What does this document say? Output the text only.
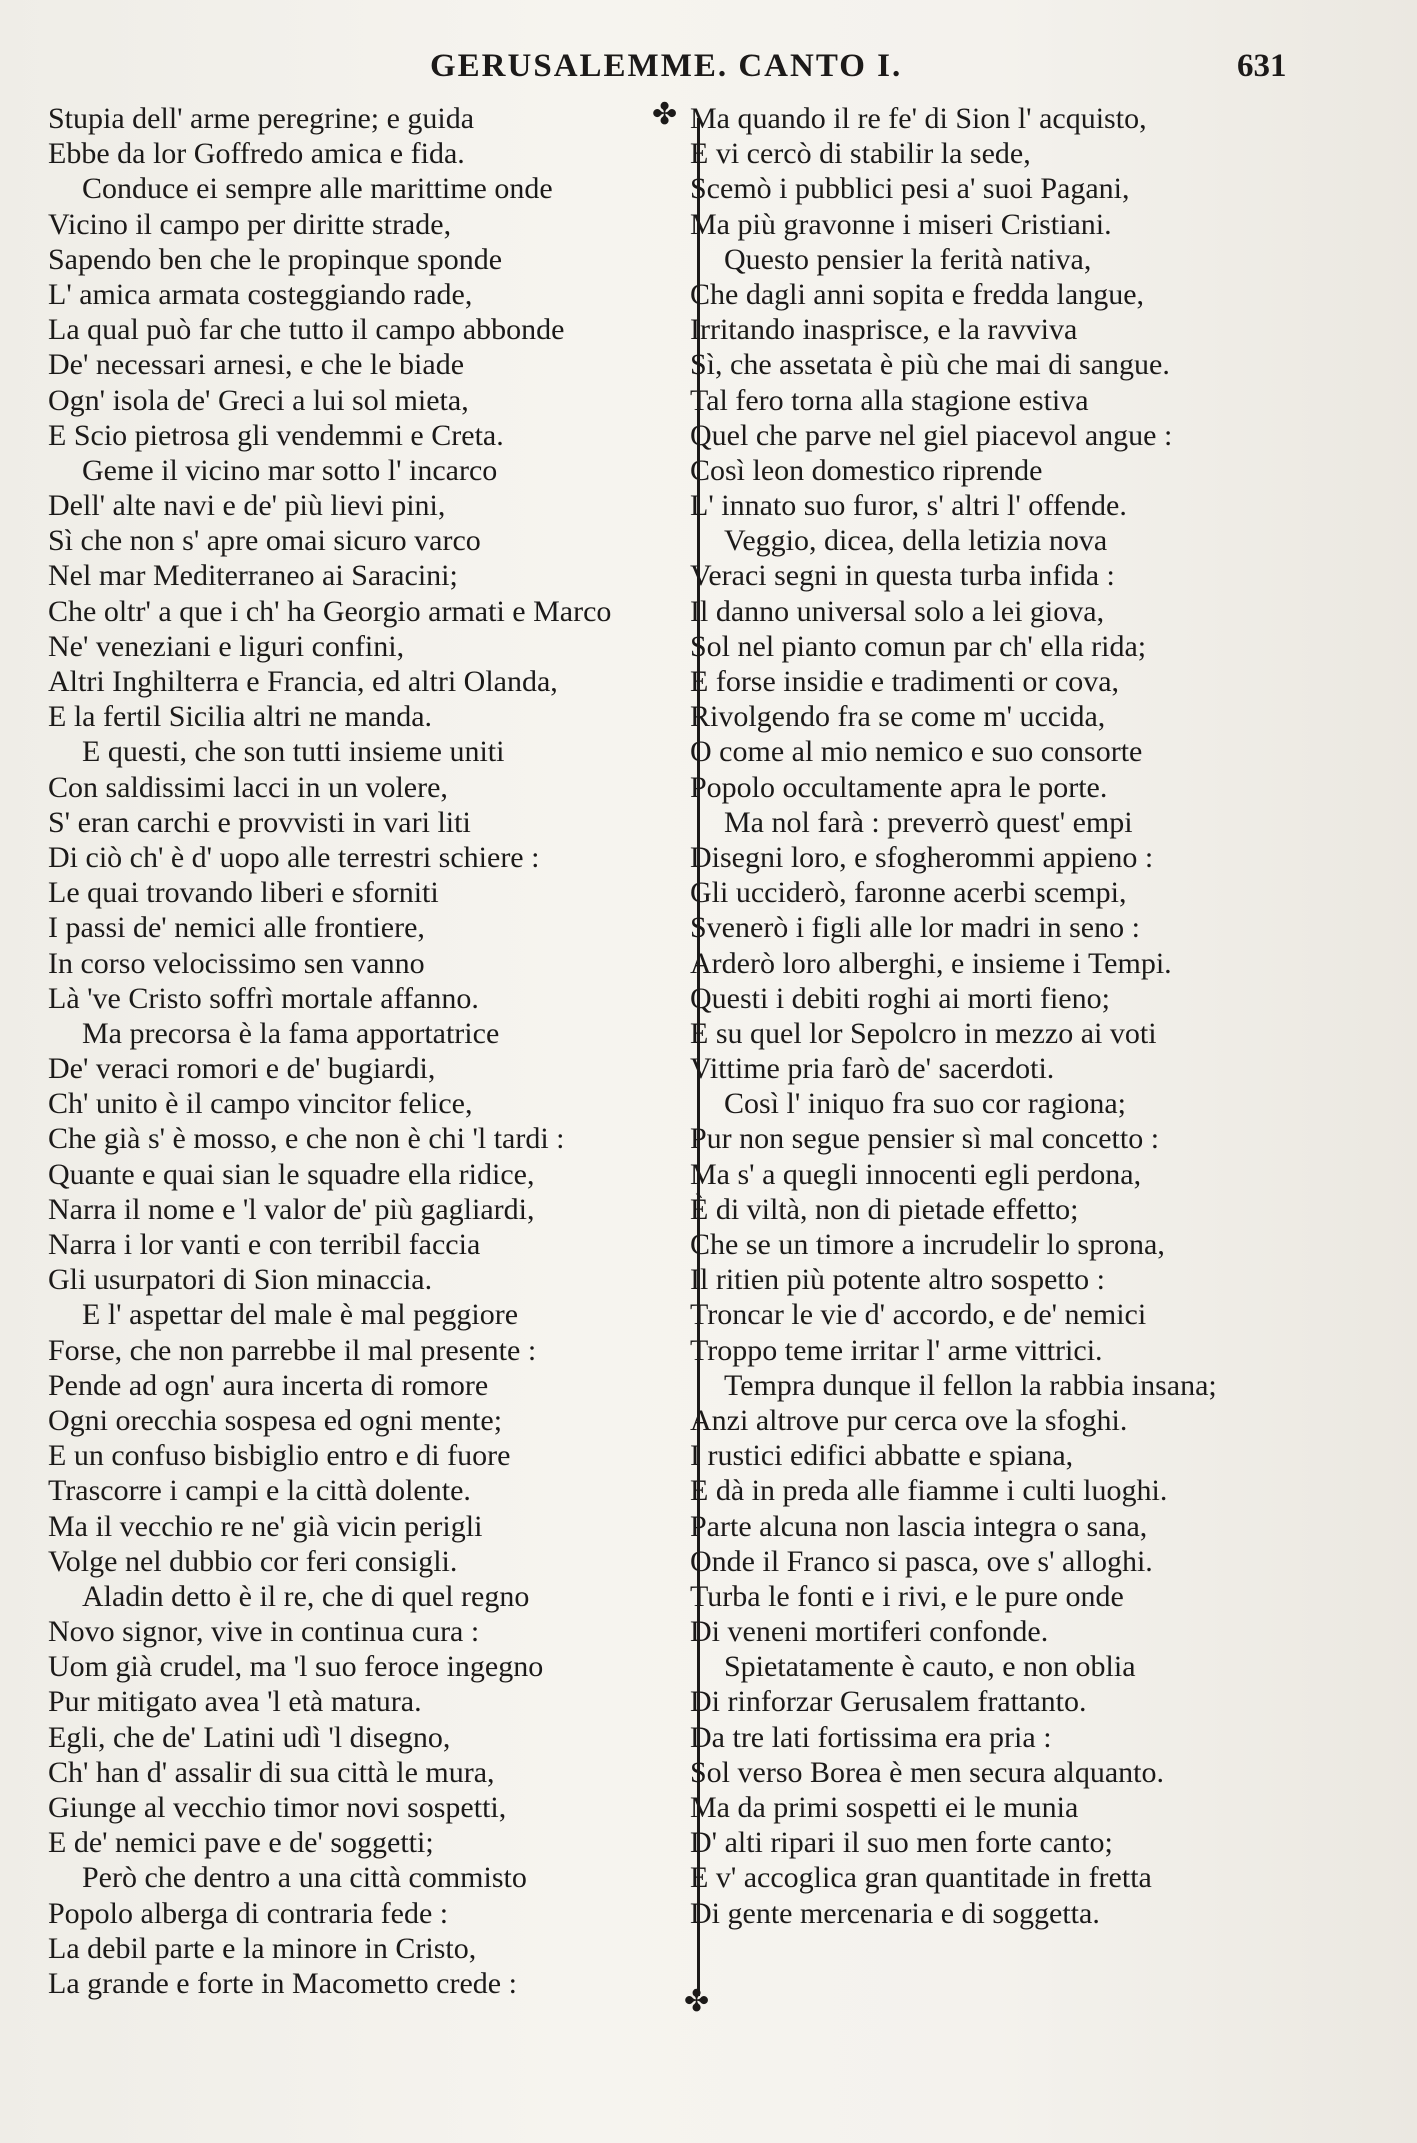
GERUSALEMME. CANTO I.	631
✤
✤
Stupia dell' arme peregrine; e guida
Ebbe da lor Goffredo amica e fida.
Conduce ei sempre alle marittime onde
Vicino il campo per diritte strade,
Sapendo ben che le propinque sponde
L' amica armata costeggiando rade,
La qual può far che tutto il campo abbonde
De' necessari arnesi, e che le biade
Ogn' isola de' Greci a lui sol mieta,
E Scio pietrosa gli vendemmi e Creta.
Geme il vicino mar sotto l' incarco
Dell' alte navi e de' più lievi pini,
Sì che non s' apre omai sicuro varco
Nel mar Mediterraneo ai Saracini;
Che oltr' a que i ch' ha Georgio armati e Marco
Ne' veneziani e liguri confini,
Altri Inghilterra e Francia, ed altri Olanda,
E la fertil Sicilia altri ne manda.
E questi, che son tutti insieme uniti
Con saldissimi lacci in un volere,
S' eran carchi e provvisti in vari liti
Di ciò ch' è d' uopo alle terrestri schiere :
Le quai trovando liberi e sforniti
I passi de' nemici alle frontiere,
In corso velocissimo sen vanno
Là 've Cristo soffrì mortale affanno.
Ma precorsa è la fama apportatrice
De' veraci romori e de' bugiardi,
Ch' unito è il campo vincitor felice,
Che già s' è mosso, e che non è chi 'l tardi :
Quante e quai sian le squadre ella ridice,
Narra il nome e 'l valor de' più gagliardi,
Narra i lor vanti e con terribil faccia
Gli usurpatori di Sion minaccia.
E l' aspettar del male è mal peggiore
Forse, che non parrebbe il mal presente :
Pende ad ogn' aura incerta di romore
Ogni orecchia sospesa ed ogni mente;
E un confuso bisbiglio entro e di fuore
Trascorre i campi e la città dolente.
Ma il vecchio re ne' già vicin perigli
Volge nel dubbio cor feri consigli.
Aladin detto è il re, che di quel regno
Novo signor, vive in continua cura :
Uom già crudel, ma 'l suo feroce ingegno
Pur mitigato avea 'l età matura.
Egli, che de' Latini udì 'l disegno,
Ch' han d' assalir di sua città le mura,
Giunge al vecchio timor novi sospetti,
E de' nemici pave e de' soggetti;
Però che dentro a una città commisto
Popolo alberga di contraria fede :
La debil parte e la minore in Cristo,
La grande e forte in Macometto crede :
Ma quando il re fe' di Sion l' acquisto,
E vi cercò di stabilir la sede,
Scemò i pubblici pesi a' suoi Pagani,
Ma più gravonne i miseri Cristiani.
Questo pensier la ferità nativa,
Che dagli anni sopita e fredda langue,
Irritando inasprisce, e la ravviva
Sì, che assetata è più che mai di sangue.
Tal fero torna alla stagione estiva
Quel che parve nel giel piacevol angue :
Così leon domestico riprende
L' innato suo furor, s' altri l' offende.
Veggio, dicea, della letizia nova
Veraci segni in questa turba infida :
Il danno universal solo a lei giova,
Sol nel pianto comun par ch' ella rida;
E forse insidie e tradimenti or cova,
Rivolgendo fra se come m' uccida,
O come al mio nemico e suo consorte
Popolo occultamente apra le porte.
Ma nol farà : preverrò quest' empi
Disegni loro, e sfogherommi appieno :
Gli ucciderò, faronne acerbi scempi,
Svenerò i figli alle lor madri in seno :
Arderò loro alberghi, e insieme i Tempi.
Questi i debiti roghi ai morti fieno;
E su quel lor Sepolcro in mezzo ai voti
Vittime pria farò de' sacerdoti.
Così l' iniquo fra suo cor ragiona;
Pur non segue pensier sì mal concetto :
Ma s' a quegli innocenti egli perdona,
È di viltà, non di pietade effetto;
Che se un timore a incrudelir lo sprona,
Il ritien più potente altro sospetto :
Troncar le vie d' accordo, e de' nemici
Troppo teme irritar l' arme vittrici.
Tempra dunque il fellon la rabbia insana;
Anzi altrove pur cerca ove la sfoghi.
I rustici edifici abbatte e spiana,
E dà in preda alle fiamme i culti luoghi.
Parte alcuna non lascia integra o sana,
Onde il Franco si pasca, ove s' alloghi.
Turba le fonti e i rivi, e le pure onde
Di veneni mortiferi confonde.
Spietatamente è cauto, e non oblia
Di rinforzar Gerusalem frattanto.
Da tre lati fortissima era pria :
Sol verso Borea è men secura alquanto.
Ma da primi sospetti ei le munia
D' alti ripari il suo men forte canto;
E v' accoglica gran quantitade in fretta
Di gente mercenaria e di soggetta.
